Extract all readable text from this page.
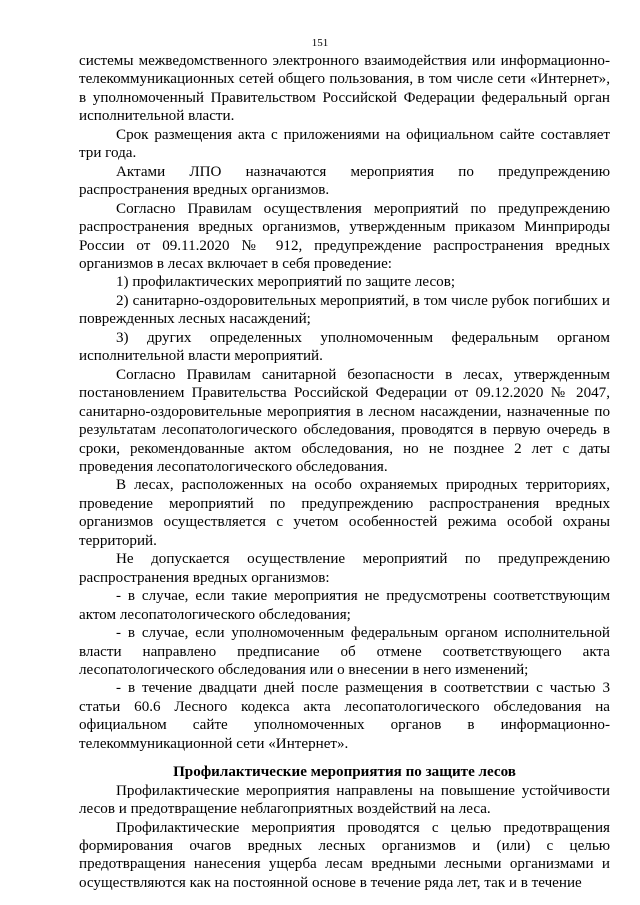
151

системы межведомственного электронного взаимодействия или информационно-телекоммуникационных сетей общего пользования, в том числе сети «Интернет», в уполномоченный Правительством Российской Федерации федеральный орган исполнительной власти.

Срок размещения акта с приложениями на официальном сайте составляет три года.

Актами ЛПО назначаются мероприятия по предупреждению распространения вредных организмов.

Согласно Правилам осуществления мероприятий по предупреждению распространения вредных организмов, утвержденным приказом Минприроды России от 09.11.2020 № 912, предупреждение распространения вредных организмов в лесах включает в себя проведение:

1) профилактических мероприятий по защите лесов;

2) санитарно-оздоровительных мероприятий, в том числе рубок погибших и поврежденных лесных насаждений;

3) других определенных уполномоченным федеральным органом исполнительной власти мероприятий.

Согласно Правилам санитарной безопасности в лесах, утвержденным постановлением Правительства Российской Федерации от 09.12.2020 № 2047, санитарно-оздоровительные мероприятия в лесном насаждении, назначенные по результатам лесопатологического обследования, проводятся в первую очередь в сроки, рекомендованные актом обследования, но не позднее 2 лет с даты проведения лесопатологического обследования.

В лесах, расположенных на особо охраняемых природных территориях, проведение мероприятий по предупреждению распространения вредных организмов осуществляется с учетом особенностей режима особой охраны территорий.

Не допускается осуществление мероприятий по предупреждению распространения вредных организмов:

- в случае, если такие мероприятия не предусмотрены соответствующим актом лесопатологического обследования;

- в случае, если уполномоченным федеральным органом исполнительной власти направлено предписание об отмене соответствующего акта лесопатологического обследования или о внесении в него изменений;

- в течение двадцати дней после размещения в соответствии с частью 3 статьи 60.6 Лесного кодекса акта лесопатологического обследования на официальном сайте уполномоченных органов в информационно-телекоммуникационной сети «Интернет».

Профилактические мероприятия по защите лесов

Профилактические мероприятия направлены на повышение устойчивости лесов и предотвращение неблагоприятных воздействий на леса.

Профилактические мероприятия проводятся с целью предотвращения формирования очагов вредных лесных организмов и (или) с целью предотвращения нанесения ущерба лесам вредными лесными организмами и осуществляются как на постоянной основе в течение ряда лет, так и в течение
